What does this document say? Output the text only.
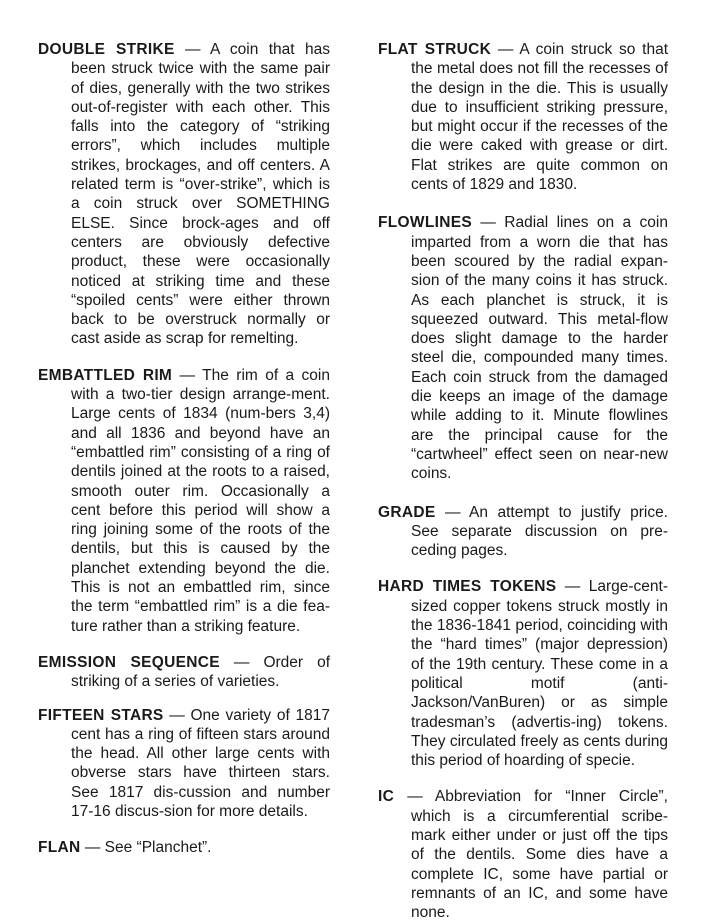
DOUBLE STRIKE — A coin that has been struck twice with the same pair of dies, generally with the two strikes out-of-register with each other. This falls into the category of “striking errors”, which includes multiple strikes, brockages, and off centers. A related term is “over-strike”, which is a coin struck over SOMETHING ELSE. Since brock-ages and off centers are obviously defective product, these were occasionally noticed at striking time and these “spoiled cents” were either thrown back to be overstruck normally or cast aside as scrap for remelting.

EMBATTLED RIM — The rim of a coin with a two-tier design arrange-ment. Large cents of 1834 (num-bers 3,4) and all 1836 and beyond have an “embattled rim” consisting of a ring of dentils joined at the roots to a raised, smooth outer rim. Occasionally a cent before this period will show a ring joining some of the roots of the dentils, but this is caused by the planchet extending beyond the die. This is not an embattled rim, since the term “embattled rim” is a die fea-ture rather than a striking feature.

EMISSION SEQUENCE — Order of striking of a series of varieties.

FIFTEEN STARS — One variety of 1817 cent has a ring of fifteen stars around the head. All other large cents with obverse stars have thirteen stars. See 1817 dis-cussion and number 17-16 discus-sion for more details.

FLAN — See “Planchet”.

FLAT STRUCK — A coin struck so that the metal does not fill the recesses of the design in the die. This is usually due to insufficient striking pressure, but might occur if the recesses of the die were caked with grease or dirt. Flat strikes are quite common on cents of 1829 and 1830.

FLOWLINES — Radial lines on a coin imparted from a worn die that has been scoured by the radial expan-sion of the many coins it has struck. As each planchet is struck, it is squeezed outward. This metal-flow does slight damage to the harder steel die, compounded many times. Each coin struck from the damaged die keeps an image of the damage while adding to it. Minute flowlines are the principal cause for the “cartwheel” effect seen on near-new coins.

GRADE — An attempt to justify price. See separate discussion on pre-ceding pages.

HARD TIMES TOKENS — Large-cent-sized copper tokens struck mostly in the 1836-1841 period, coinciding with the “hard times” (major depression) of the 19th century. These come in a political motif (anti-Jackson/VanBuren) or as simple tradesman’s (advertis-ing) tokens. They circulated freely as cents during this period of hoarding of specie.

IC — Abbreviation for “Inner Circle”, which is a circumferential scribe-mark either under or just off the tips of the dentils. Some dies have a complete IC, some have partial or remnants of an IC, and some have none.
